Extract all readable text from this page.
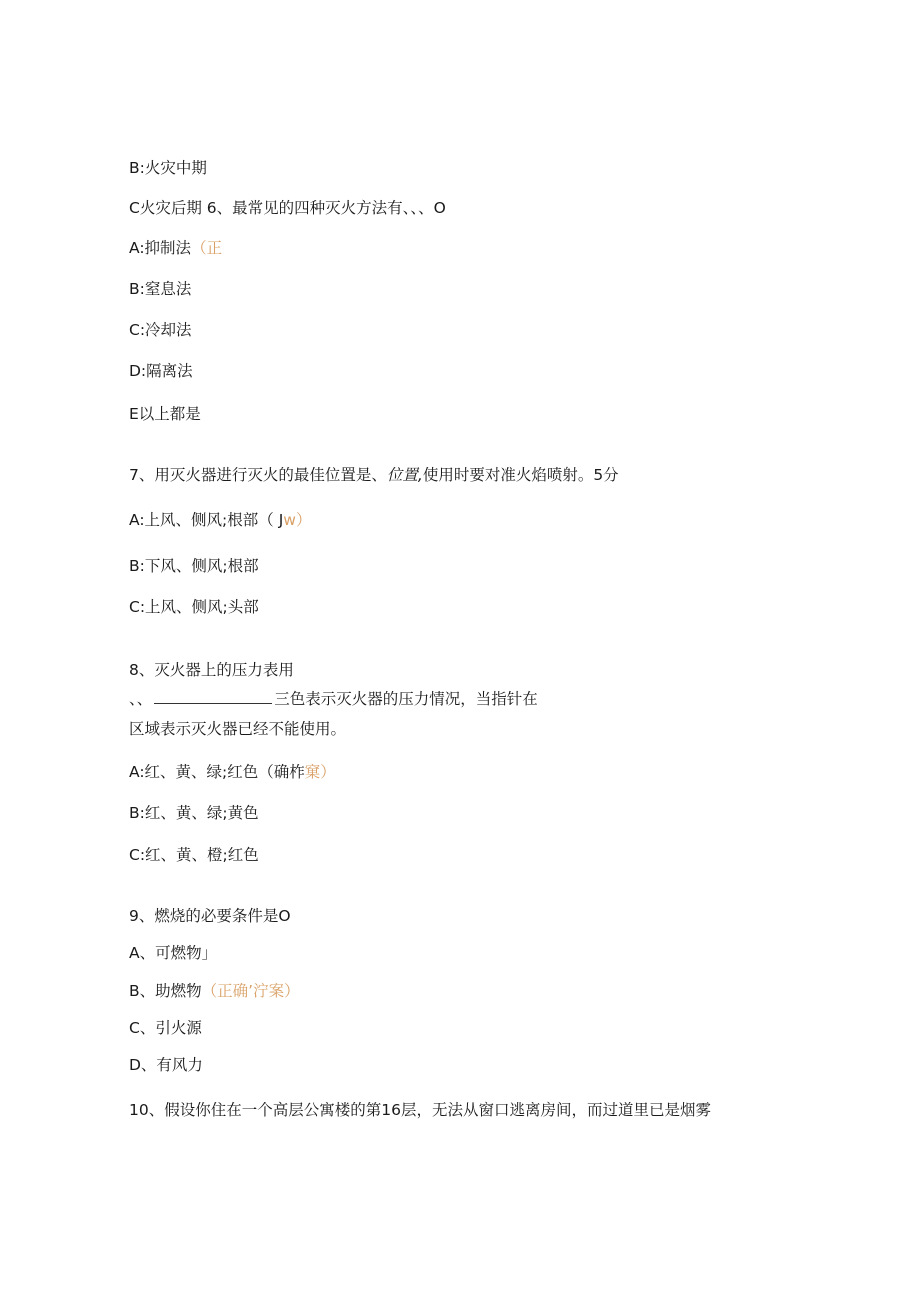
B:火灾中期
C火灾后期 6、最常见的四种灭火方法有、、、O
A:抑制法（正
B:窒息法
C:冷却法
D:隔离法
E以上都是
7、用灭火器进行灭火的最佳位置是、位置,使用时要对准火焰喷射。5分
A:上风、侧风;根部（ Jw）
B:下风、侧风;根部
C:上风、侧风;头部
8、灭火器上的压力表用
、、	三色表示灭火器的压力情况，当指针在
区域表示灭火器已经不能使用。
A:红、黄、绿;红色（确柞窠）
B:红、黄、绿;黄色
C:红、黄、橙;红色
9、燃烧的必要条件是O
A、可燃物」
B、助燃物（正确’泞案）
C、引火源
D、有风力
10、假设你住在一个高层公寓楼的第16层，无法从窗口逃离房间，而过道里已是烟雾
